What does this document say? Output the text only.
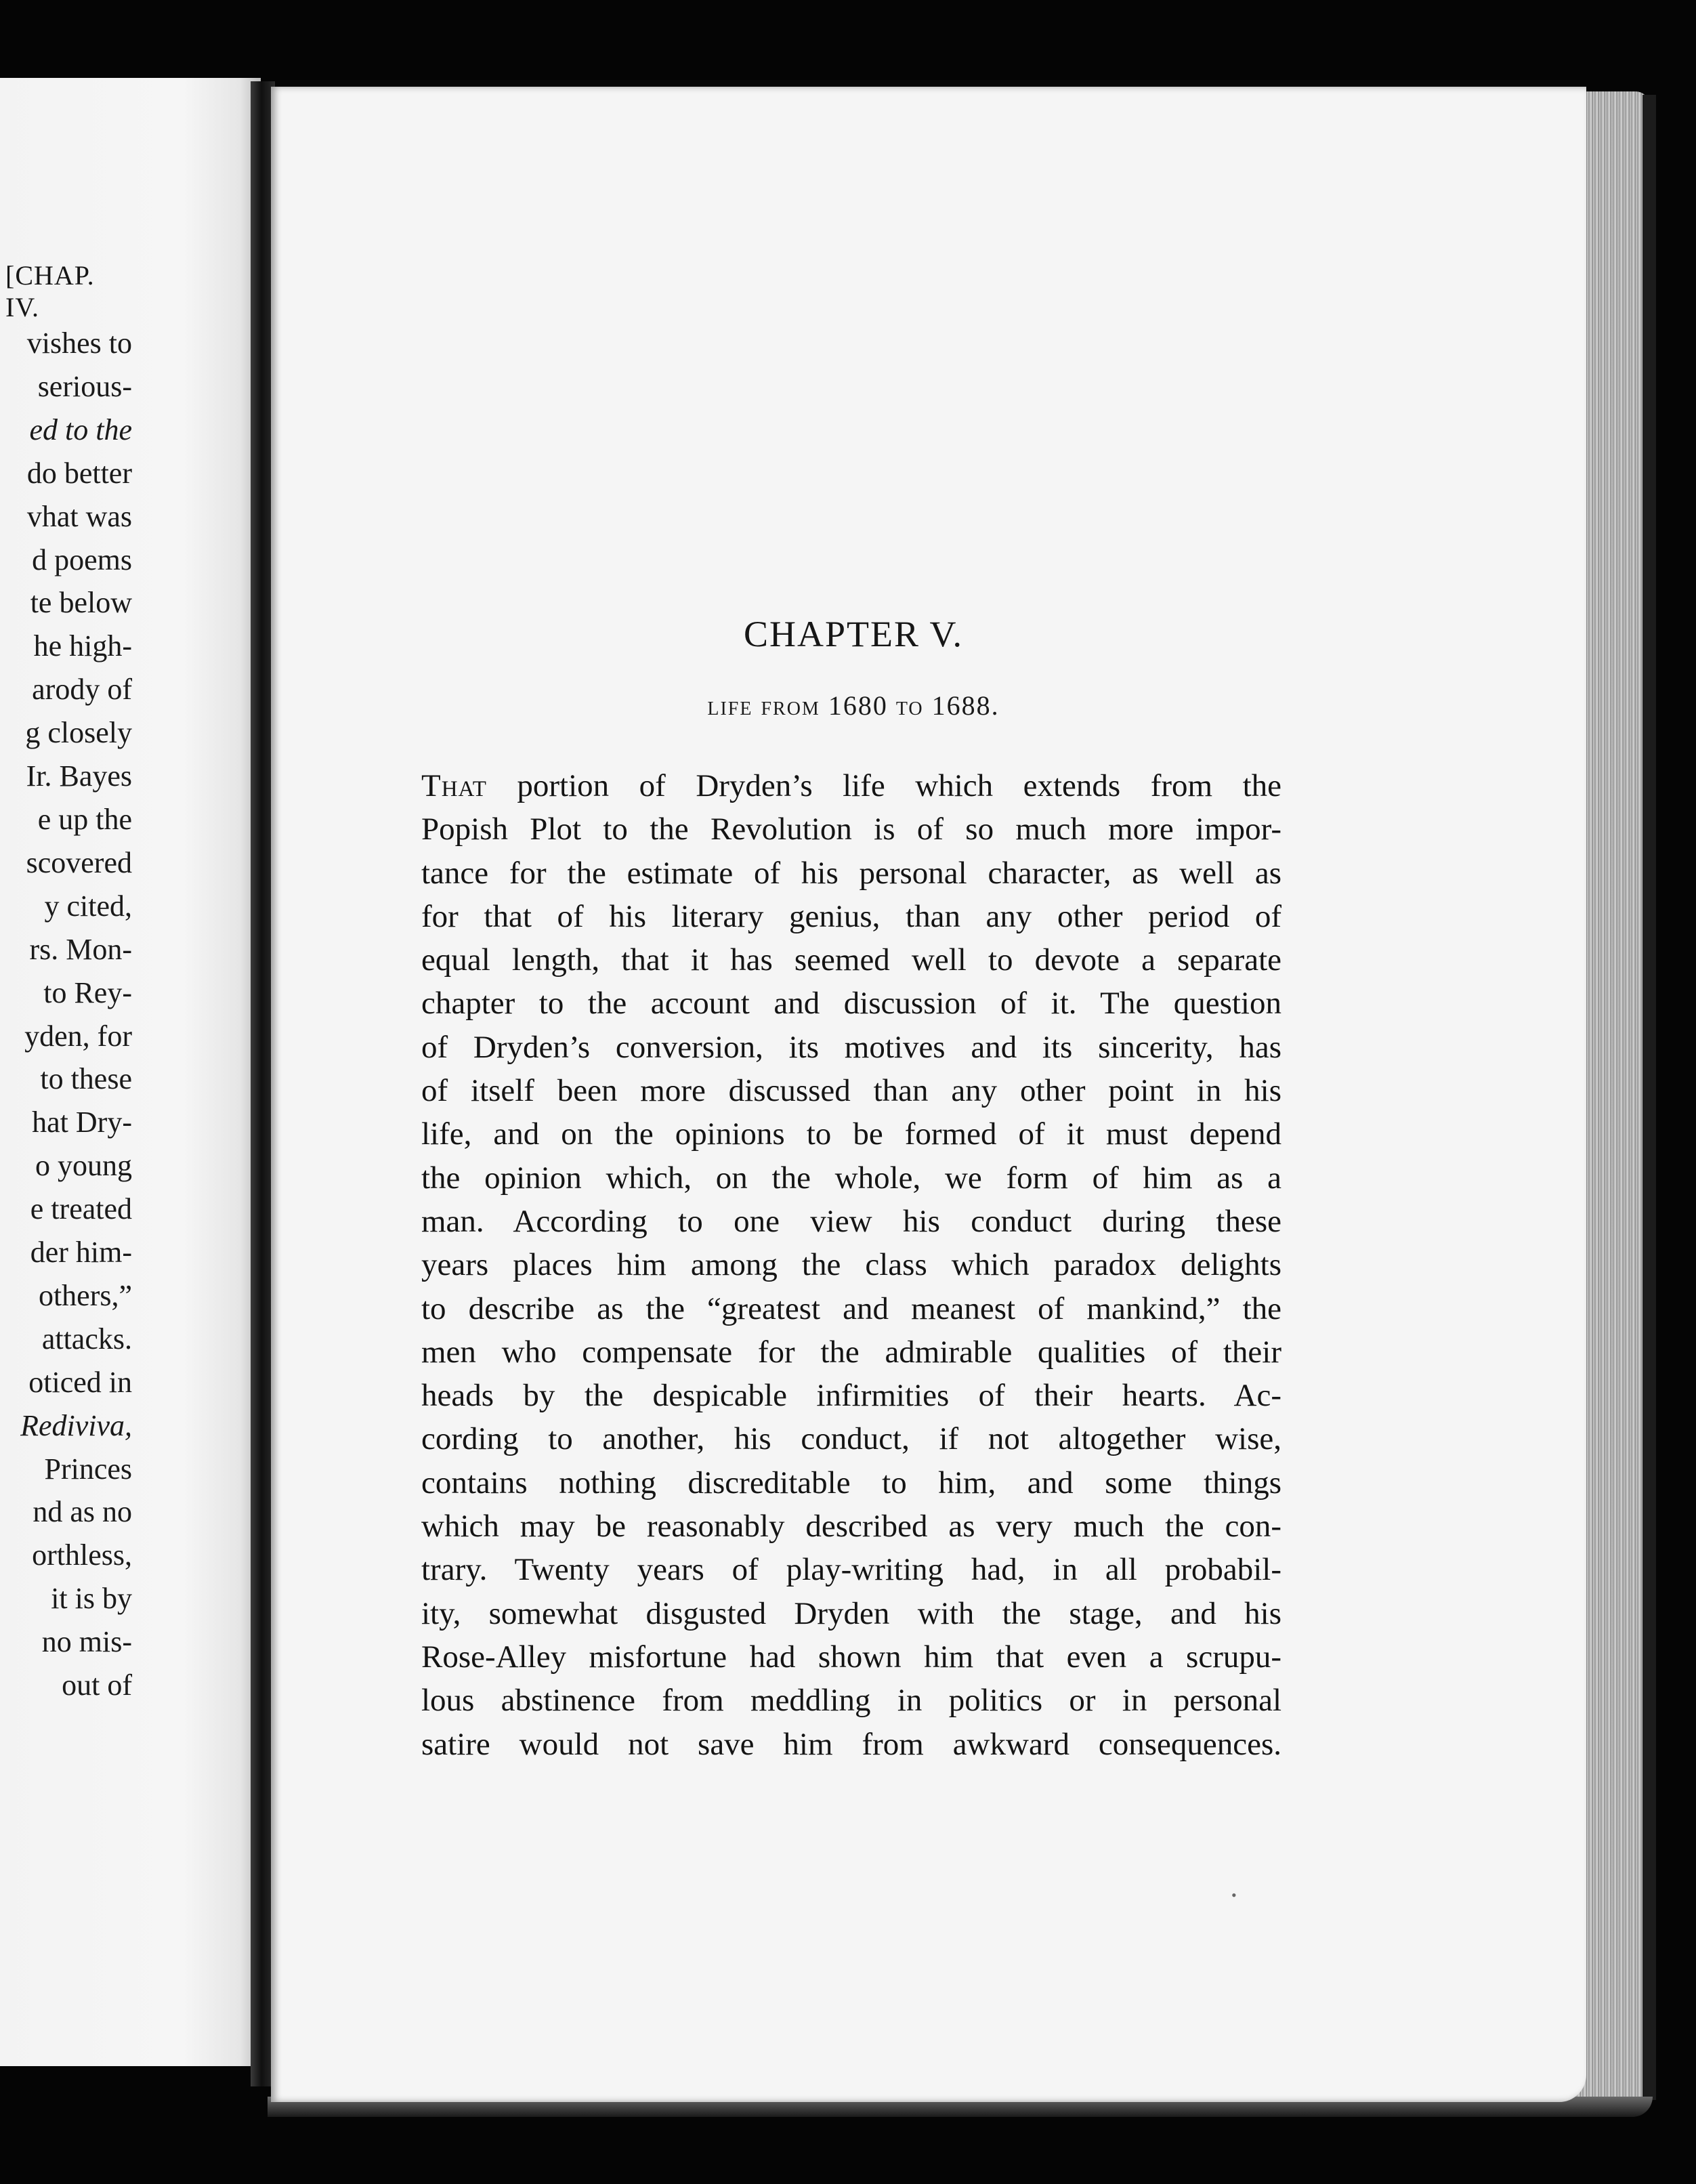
[CHAP. IV.
vishes to
serious-
ed to the
do better
vhat was
d poems
te below
he high-
arody of
g closely
Ir. Bayes
e up the
scovered
y cited,
rs. Mon-
to Rey-
yden, for
to these
hat Dry-
o young
e treated
der him-
others,”
attacks.
oticed in
Rediviva,
Princes
nd as no
orthless,
it is by
no mis-
out of
CHAPTER V.
life from 1680 to 1688.
That portion of Dryden’s life which extends from the
Popish Plot to the Revolution is of so much more impor-
tance for the estimate of his personal character, as well as
for that of his literary genius, than any other period of
equal length, that it has seemed well to devote a separate
chapter to the account and discussion of it. The question
of Dryden’s conversion, its motives and its sincerity, has
of itself been more discussed than any other point in his
life, and on the opinions to be formed of it must depend
the opinion which, on the whole, we form of him as a
man. According to one view his conduct during these
years places him among the class which paradox delights
to describe as the “greatest and meanest of mankind,” the
men who compensate for the admirable qualities of their
heads by the despicable infirmities of their hearts. Ac-
cording to another, his conduct, if not altogether wise,
contains nothing discreditable to him, and some things
which may be reasonably described as very much the con-
trary. Twenty years of play-writing had, in all probabil-
ity, somewhat disgusted Dryden with the stage, and his
Rose-Alley misfortune had shown him that even a scrupu-
lous abstinence from meddling in politics or in personal
satire would not save him from awkward consequences.
•
